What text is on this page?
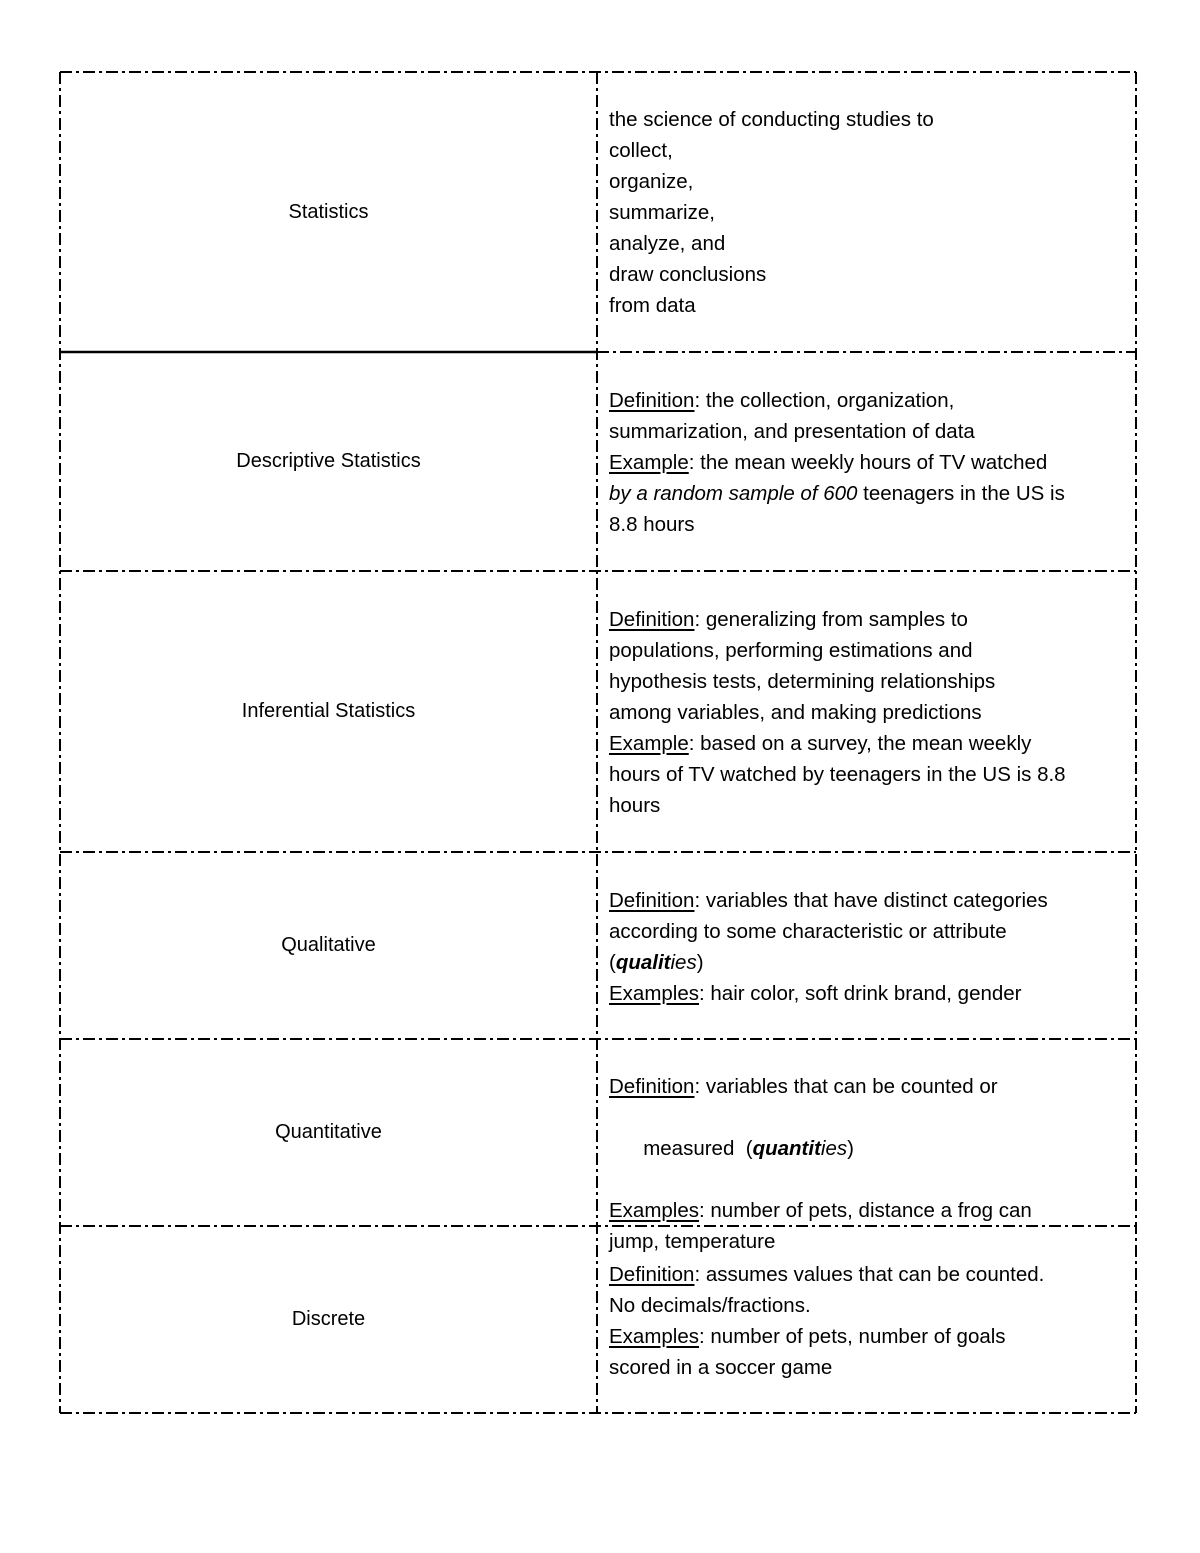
Statistics
the science of conducting studies to
collect,
organize,
summarize,
analyze, and
draw conclusions
from data
Descriptive Statistics
Definition: the collection, organization,
summarization, and presentation of data
Example: the mean weekly hours of TV watched
by a random sample of 600 teenagers in the US is
8.8 hours
Inferential Statistics
Definition: generalizing from samples to
populations, performing estimations and
hypothesis tests, determining relationships
among variables, and making predictions
Example: based on a survey, the mean weekly
hours of TV watched by teenagers in the US is 8.8
hours
Qualitative
Definition: variables that have distinct categories
according to some characteristic or attribute
(qualities)
Examples: hair color, soft drink brand, gender
Quantitative
Definition: variables that can be counted or

measured  (quantities)

Examples: number of pets, distance a frog can
jump, temperature
Discrete
Definition: assumes values that can be counted.
No decimals/fractions.
Examples: number of pets, number of goals
scored in a soccer game
